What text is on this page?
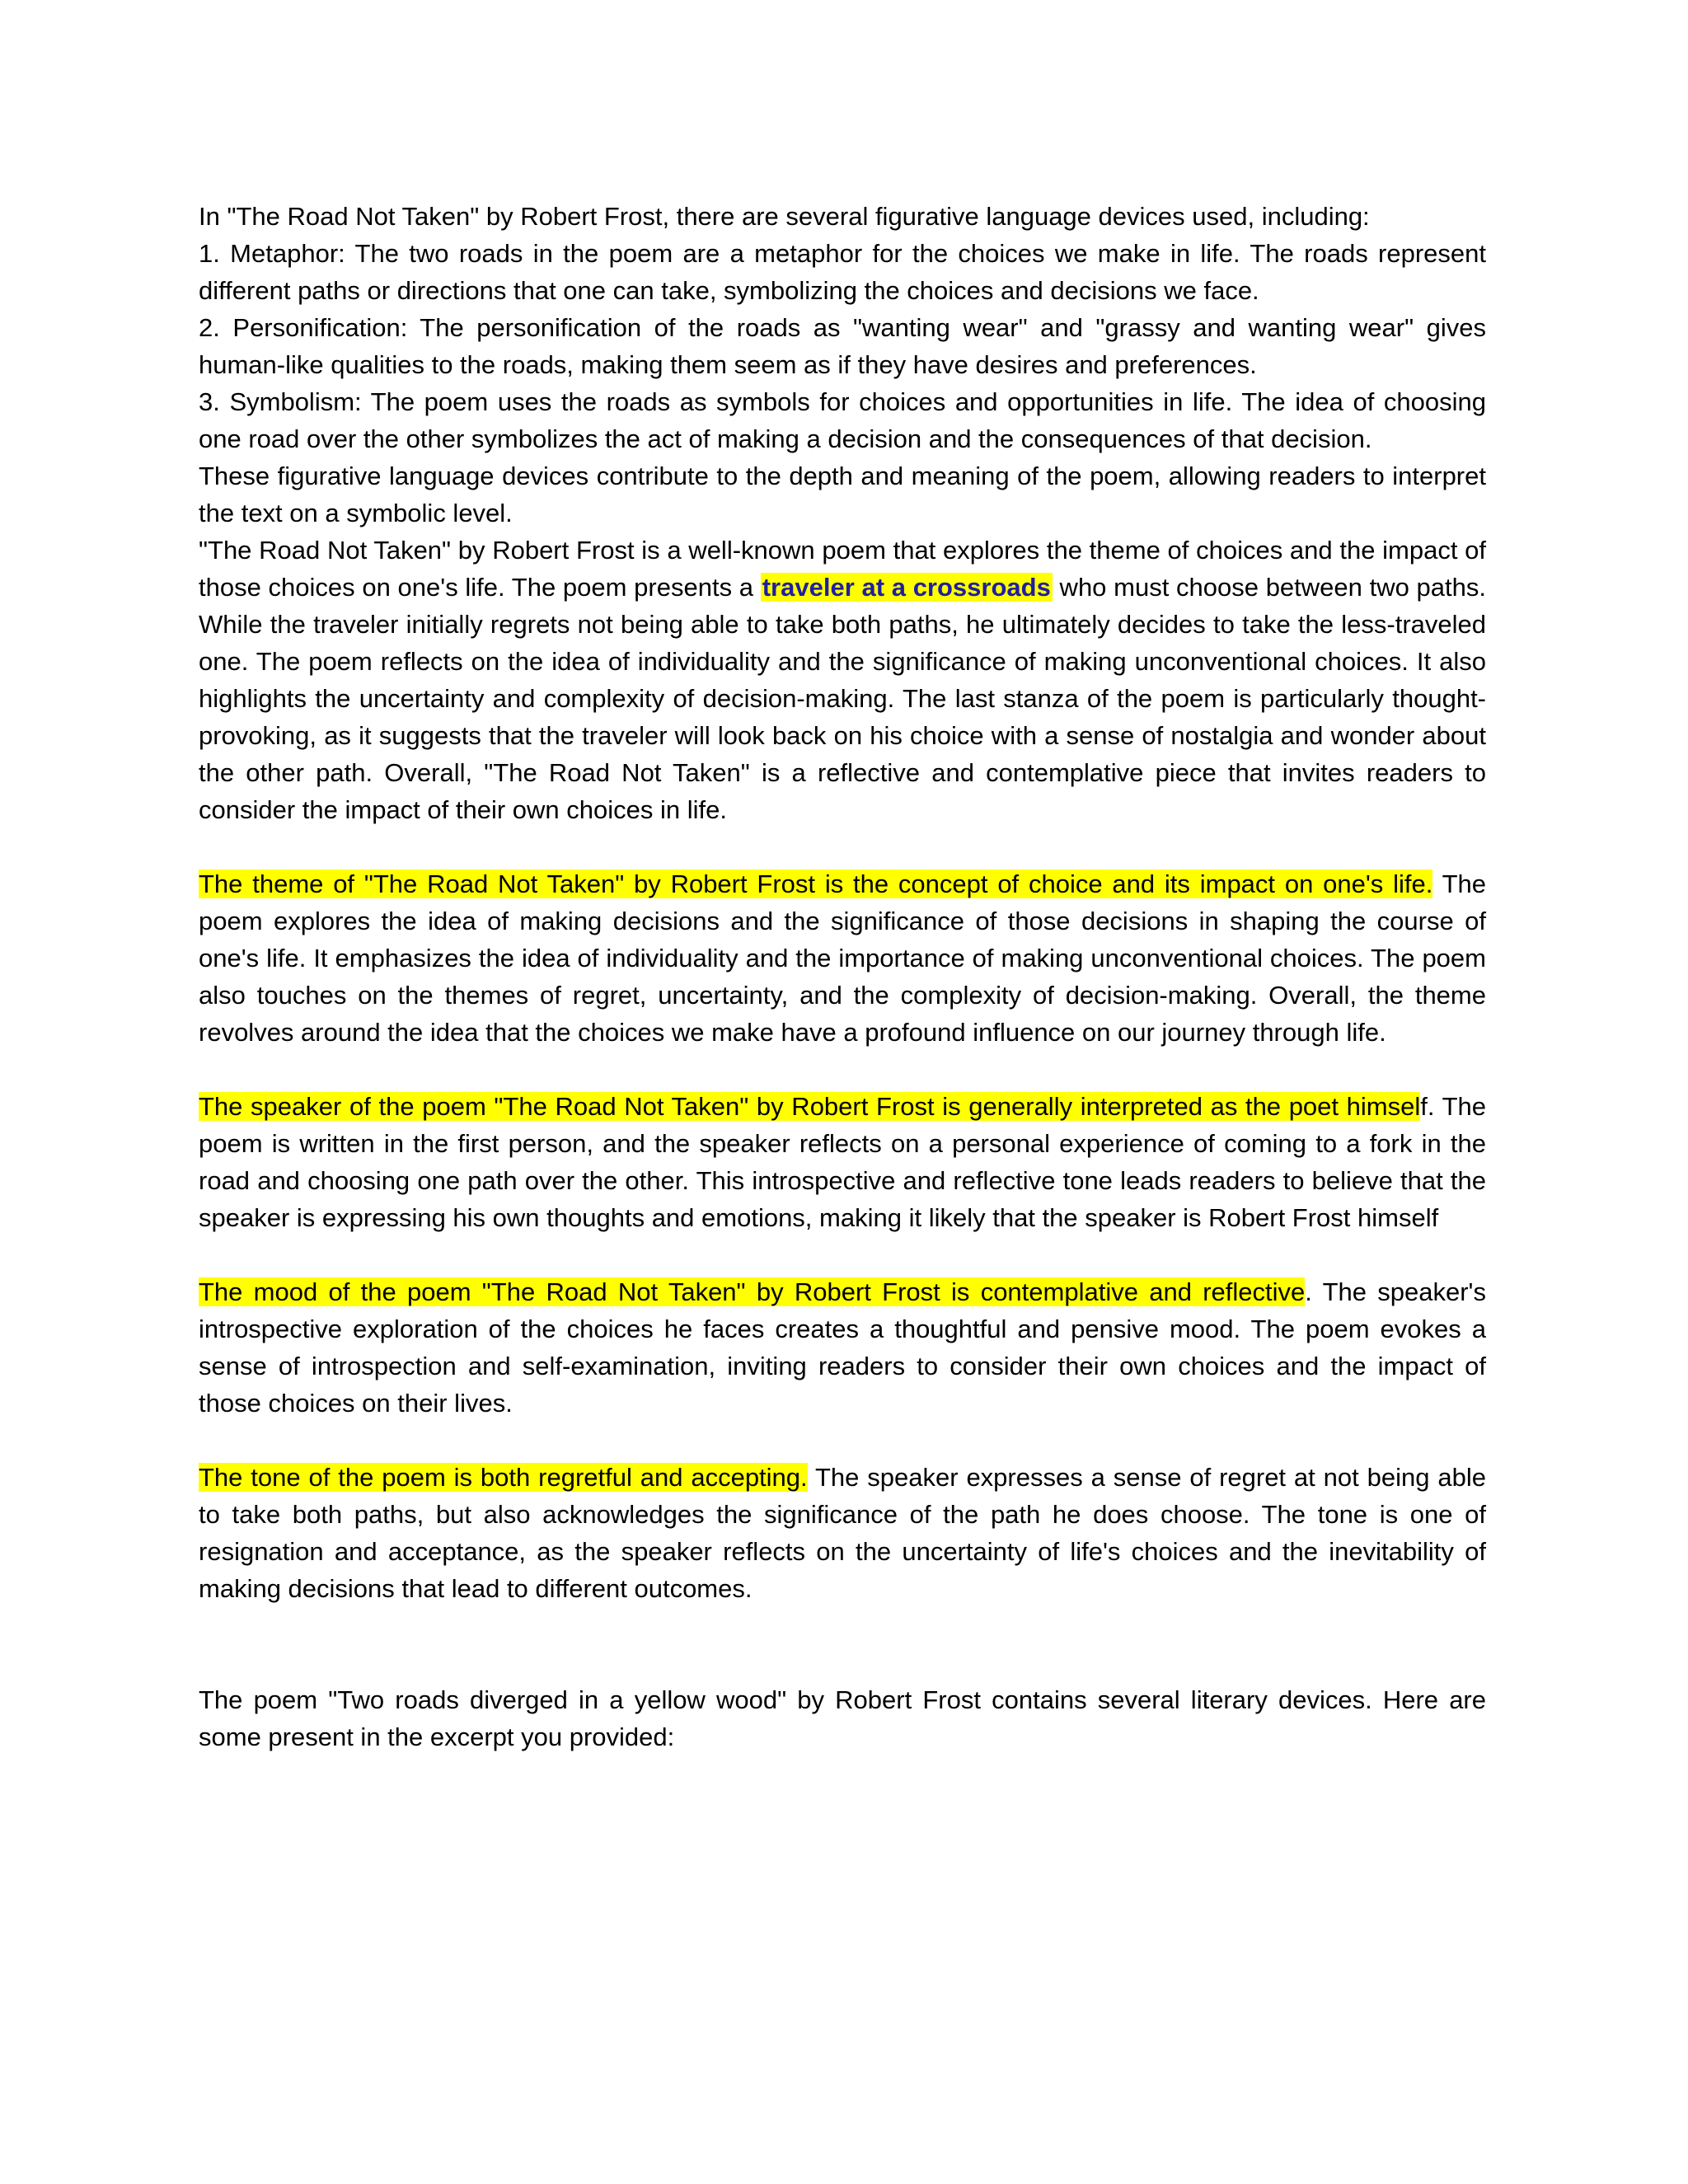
In "The Road Not Taken" by Robert Frost, there are several figurative language devices used, including:

1. Metaphor: The two roads in the poem are a metaphor for the choices we make in life. The roads represent different paths or directions that one can take, symbolizing the choices and decisions we face.

2. Personification: The personification of the roads as "wanting wear" and "grassy and wanting wear" gives human-like qualities to the roads, making them seem as if they have desires and preferences.

3. Symbolism: The poem uses the roads as symbols for choices and opportunities in life. The idea of choosing one road over the other symbolizes the act of making a decision and the consequences of that decision.

These figurative language devices contribute to the depth and meaning of the poem, allowing readers to interpret the text on a symbolic level.

"The Road Not Taken" by Robert Frost is a well-known poem that explores the theme of choices and the impact of those choices on one's life. The poem presents a traveler at a crossroads who must choose between two paths. While the traveler initially regrets not being able to take both paths, he ultimately decides to take the less-traveled one. The poem reflects on the idea of individuality and the significance of making unconventional choices. It also highlights the uncertainty and complexity of decision-making. The last stanza of the poem is particularly thought-provoking, as it suggests that the traveler will look back on his choice with a sense of nostalgia and wonder about the other path. Overall, "The Road Not Taken" is a reflective and contemplative piece that invites readers to consider the impact of their own choices in life.

The theme of "The Road Not Taken" by Robert Frost is the concept of choice and its impact on one's life. The poem explores the idea of making decisions and the significance of those decisions in shaping the course of one's life. It emphasizes the idea of individuality and the importance of making unconventional choices. The poem also touches on the themes of regret, uncertainty, and the complexity of decision-making. Overall, the theme revolves around the idea that the choices we make have a profound influence on our journey through life.

The speaker of the poem "The Road Not Taken" by Robert Frost is generally interpreted as the poet himself. The poem is written in the first person, and the speaker reflects on a personal experience of coming to a fork in the road and choosing one path over the other. This introspective and reflective tone leads readers to believe that the speaker is expressing his own thoughts and emotions, making it likely that the speaker is Robert Frost himself

The mood of the poem "The Road Not Taken" by Robert Frost is contemplative and reflective. The speaker's introspective exploration of the choices he faces creates a thoughtful and pensive mood. The poem evokes a sense of introspection and self-examination, inviting readers to consider their own choices and the impact of those choices on their lives.

The tone of the poem is both regretful and accepting. The speaker expresses a sense of regret at not being able to take both paths, but also acknowledges the significance of the path he does choose. The tone is one of resignation and acceptance, as the speaker reflects on the uncertainty of life's choices and the inevitability of making decisions that lead to different outcomes.

The poem "Two roads diverged in a yellow wood" by Robert Frost contains several literary devices. Here are some present in the excerpt you provided:
